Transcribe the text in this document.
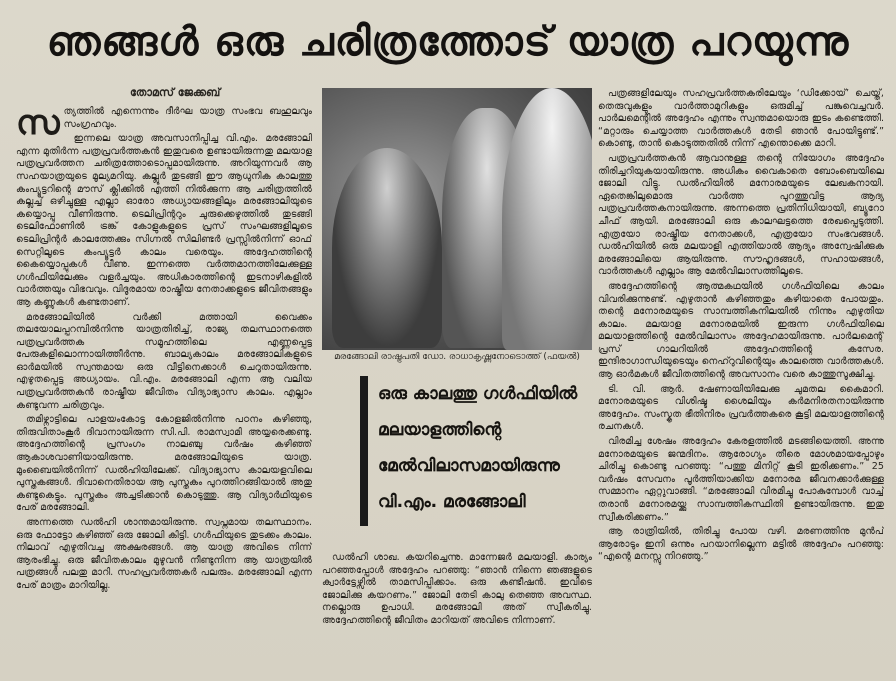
ഞങ്ങൾ ഒരു ചരിത്രത്തോട് യാത്ര പറയുന്നു
തോമസ് ജേക്കബ്

സ ത്യത്തിൽ എന്നെന്നും ദീർഘ യാത്ര സംഭവ ബഹുലവും സംഗ്രഹവും.

ഇന്നലെ യാത്ര അവസാനിപ്പിച്ച വി.എം. മരങ്ങോലി എന്ന മുതിർന്ന പത്രപ്രവർത്തകൻ ഇതുവരെ ഉണ്ടായിരുന്നതു മലയാള പത്രപ്രവർത്തന ചരിത്രത്തോടൊപ്പമായിരുന്നു. അറിയുന്നവർ ആ സഹയാത്രയുടെ മൂല്യമറിയു. കല്ലൂർ തുടങ്ങി ഈ ആധുനിക കാലത്തു കംപ്യൂട്ടറിന്റെ മൗസ് ക്ലിക്കിൽ എത്തി നിൽക്കുന്ന ആ ചരിത്രത്തിൽ കല്ലച്ച് ഒഴിച്ചുള്ള എല്ലാ ഓരോ അധ്യായങ്ങളിലും മരങ്ങോലിയുടെ കയ്യൊപ്പു വീണിരുന്നു. ടെലിപ്രിന്ററും ചുരുക്കെഴുത്തിൽ തുടങ്ങി ടെലിഫോണിൽ ട്രങ്ക് കോളുകളുടെ പ്രസ് സംഘങ്ങളിലൂടെ ടെലിപ്രിന്റർ കാലത്തേക്കും സിഗ്നൽ സിലിണ്ടർ പ്രസ്സിൽനിന്ന് ഓഫ് സെറ്റിലൂടെ കംപ്യൂട്ടർ കാലം വരെയും. അദ്ദേഹത്തിന്റെ കൈയ്യൊപ്പുകൾ വീണു. ഇന്നത്തെ വർത്തമാനത്തിലേക്കുള്ള ഗൾഫിയിലേക്കും വളർച്ചയും. അധികാരത്തിന്റെ ഇടനാഴികളിൽ വാർത്തയും വിഭവവും. വിദൂരമായ രാഷ്ട്രീയ നേതാക്കളുടെ ജീവിതങ്ങളും ആ കണ്ണുകൾ കണ്ടതാണ്.

മരങ്ങോലിയിൽ വർക്കി മത്തായി വൈക്കം തലയോലപ്പറമ്പിൽനിന്നു യാത്രതിരിച്ച്, രാജ്യ തലസ്ഥാനത്തെ പത്രപ്രവർത്തക സമൂഹത്തിലെ എണ്ണപ്പെട്ട പേരുകളിലൊന്നായിത്തീർന്നു. ബാല്യകാലം മരങ്ങോലികളുടെ ഓർമയിൽ സ്വന്തമായ ഒരു വീട്ടിനെക്കാൾ ചെറുതായിരുന്നു. എഴുതപ്പെട്ട അധ്യായം. വി.എം. മരങ്ങോലി എന്ന ആ വലിയ പത്രപ്രവർത്തകൻ രാഷ്ട്രീയ ജീവിതം വിദ്യാഭ്യാസ കാലം. എല്ലാം കണ്ടുവന്ന ചരിത്രവും.

തമിഴ്നാട്ടിലെ പാളയംകോട്ട കോളജിൽനിന്നു പഠനം കഴിഞ്ഞു, തിരുവിതാംകൂർ ദിവാനായിരുന്ന സി.പി. രാമസ്വാമി അയ്യരെക്കണ്ടു. അദ്ദേഹത്തിന്റെ പ്രസംഗം നാലഞ്ചു വർഷം കഴിഞ്ഞ് ആകാശവാണിയായിരുന്നു. മരങ്ങോലിയുടെ യാത്ര. മുംബൈയിൽനിന്ന് ഡൽഹിയിലേക്ക്. വിദ്യാഭ്യാസ കാലയളവിലെ പുസ്തകങ്ങൾ. ദിവാനെതിരായ ആ പുസ്തകം പുറത്തിറങ്ങിയാൽ അതു കണ്ടുകെട്ടും. പുസ്തകം അച്ചടിക്കാൻ കൊടുത്തു. ആ വിദ്യാർഥിയുടെ പേര് മരങ്ങോലി.

അന്നത്തെ ഡൽഹി ശാന്തമായിരുന്നു. സ്വപ്നമായ തലസ്ഥാനം. ഒരു ഫോട്ടോ കഴിഞ്ഞ് ഒരു ജോലി കിട്ടി. ഗൾഫിയുടെ തുടക്കം കാലം. നിലാവ് എഴുതിവച്ച അക്ഷരങ്ങൾ. ആ യാത്ര അവിടെ നിന്ന് ആരംഭിച്ചു. ഒരു ജീവിതകാലം മുഴുവൻ നീണ്ടുനിന്ന ആ യാത്രയിൽ പത്രങ്ങൾ പലതു മാറി. സഹപ്രവർത്തകർ പലരും. മരങ്ങോലി എന്ന പേര് മാത്രം മാറിയില്ല.

മരങ്ങോലി രാഷ്ട്രപതി ഡോ. രാധാകൃഷ്ണനോടൊത്ത് (ഫയൽ)
ഒരു കാലത്തു ഗൾഫിയിൽ
മലയാളത്തിന്റെ
മേൽവിലാസമായിരുന്നു
വി.എം. മരങ്ങോലി

ഡൽഹി ശാഖ. കയറിച്ചെന്നു. മാന്നേജർ മലയാളി. കാര്യം പറഞ്ഞപ്പോൾ അദ്ദേഹം പറഞ്ഞു: “ഞാൻ നിന്നെ ഞങ്ങളുടെ ക്വാർട്ടേഴ്സിൽ താമസിപ്പിക്കാം. ഒരു കണ്ടീഷൻ. ഇവിടെ ജോലിക്കു കയറണം.” ജോലി തേടി കാലു തെഞ്ഞ അവസ്ഥ. നല്ലൊരു ഉപാധി. മരങ്ങോലി അത് സ്വീകരിച്ചു. അദ്ദേഹത്തിന്റെ ജീവിതം മാറിയത് അവിടെ നിന്നാണ്.

പത്രങ്ങളിലേയും സഹപ്രവർത്തകരിലേയും ‘ഡിക്കോയ്’ ചെയ്ത്, തെരുവുകളും വാർത്താമുറികളും ഒരുമിച്ച് പങ്കുവെച്ചവർ. പാർലമെന്റിൽ അദ്ദേഹം എന്നും സ്വന്തമായൊരു ഇടം കണ്ടെത്തി. “മറ്റാരും ചെയ്യാത്ത വാർത്തകൾ തേടി ഞാൻ പോയിട്ടുണ്ട്.” കൊണ്ടു, താൻ കൊടുത്തതിൽ നിന്ന് എന്തൊക്കെ മാറി.

പത്രപ്രവർത്തകൻ ആവാനുള്ള തന്റെ നിയോഗം അദ്ദേഹം തിരിച്ചറിയുകയായിരുന്നു. അധികം വൈകാതെ ബോംബെയിലെ ജോലി വിട്ടു. ഡൽഹിയിൽ മനോരമയുടെ ലേഖകനായി. ഏതെങ്കിലുമൊരു വാർത്ത പുറത്തുവിട്ട ആദ്യ പത്രപ്രവർത്തകനായിരുന്നു. അന്നത്തെ പ്രതിനിധിയായി, ബ്യൂറോ ചീഫ് ആയി. മരങ്ങോലി ഒരു കാലഘട്ടത്തെ രേഖപ്പെടുത്തി. എത്രയോ രാഷ്ട്രീയ നേതാക്കൾ, എത്രയോ സംഭവങ്ങൾ. ഡൽഹിയിൽ ഒരു മലയാളി എത്തിയാൽ ആദ്യം അന്വേഷിക്കുക മരങ്ങോലിയെ ആയിരുന്നു. സൗഹൃദങ്ങൾ, സഹായങ്ങൾ, വാർത്തകൾ എല്ലാം ആ മേൽവിലാസത്തിലൂടെ.

അദ്ദേഹത്തിന്റെ ആത്മകഥയിൽ ഗൾഫിയിലെ കാലം വിവരിക്കുന്നുണ്ട്. എഴുതാൻ കഴിഞ്ഞതും കഴിയാതെ പോയതും. തന്റെ മനോരമയുടെ സാമ്പത്തികനിലയിൽ നിന്നും എഴുതിയ കാലം. മലയാള മനോരമയിൽ ഇരുന്ന ഗൾഫിയിലെ മലയാളത്തിന്റെ മേൽവിലാസം അദ്ദേഹമായിരുന്നു. പാർലമെന്റ് പ്രസ് ഗാലറിയിൽ അദ്ദേഹത്തിന്റെ കസേര. ഇന്ദിരാഗാന്ധിയുടെയും നെഹ്റുവിന്റെയും കാലത്തെ വാർത്തകൾ. ആ ഓർമകൾ ജീവിതത്തിന്റെ അവസാനം വരെ കാത്തുസൂക്ഷിച്ചു.

ടി. വി. ആർ. ഷേണായിയിലേക്കു ചുമതല കൈമാറി. മനോരമയുടെ വിശിഷ്ട ശൈലിയും കർമനിരതനായിരുന്നു അദ്ദേഹം. സംസ്കൃത ഭീതിനിരം പ്രവർത്തകരെ കൂട്ടി മലയാളത്തിന്റെ രചനകൾ.

വിരമിച്ച ശേഷം അദ്ദേഹം കേരളത്തിൽ മടങ്ങിയെത്തി. അന്നു മനോരമയുടെ ജന്മദിനം. ആരോഗ്യം തീരെ മോശമായപ്പോഴും ചിരിച്ചു കൊണ്ടു പറഞ്ഞു: “പത്തു മിനിറ്റ് കൂടി ഇരിക്കണം.” 25 വർഷം സേവനം പൂർത്തിയാക്കിയ മനോരമ ജീവനക്കാർക്കുള്ള സമ്മാനം ഏറ്റുവാങ്ങി. “മരങ്ങോലി വിരമിച്ചു പോകുമ്പോൾ വാച്ച് തരാൻ മനോരമയ്ക്കു സാമ്പത്തികസ്ഥിതി ഉണ്ടായിരുന്നു. ഇതു സ്വീകരിക്കണം.”

ആ രാത്രിയിൽ, തിരിച്ചു പോയ വഴി. മരണത്തിനു മുൻപ് ആരോടും ഇനി ഒന്നും പറയാനില്ലെന്ന മട്ടിൽ അദ്ദേഹം പറഞ്ഞു: “എന്റെ മനസ്സു നിറഞ്ഞു.”
